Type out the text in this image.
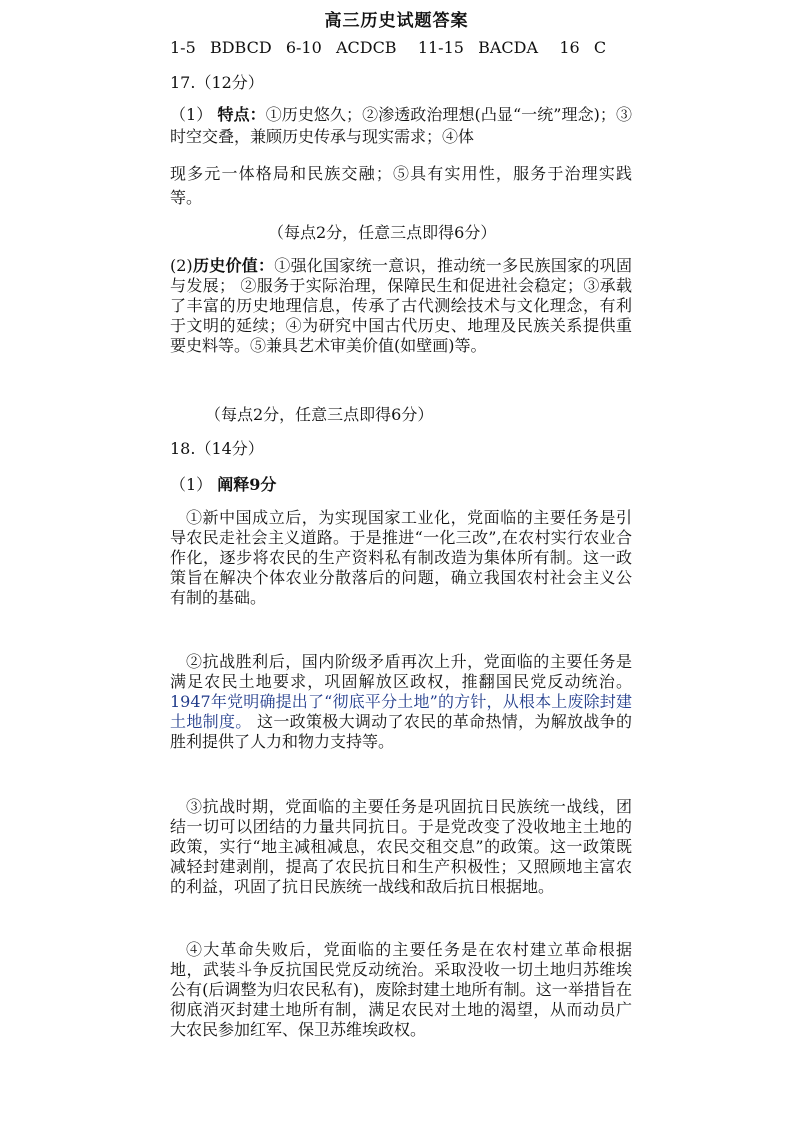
高三历史试题答案
1-5  BDBCD  6-10  ACDCB   11-15  BACDA   16  C
17.（12分）
（1） 特点：①历史悠久；②渗透政治理想(凸显“一统”理念)；③时空交叠，兼顾历史传承与现实需求；④体
现多元一体格局和民族交融；⑤具有实用性，服务于治理实践等。
（每点2分，任意三点即得6分）
(2)历史价值：①强化国家统一意识，推动统一多民族国家的巩固与发展； ②服务于实际治理，保障民生和促进社会稳定；③承载了丰富的历史地理信息，传承了古代测绘技术与文化理念，有利于文明的延续；④为研究中国古代历史、地理及民族关系提供重要史料等。⑤兼具艺术审美价值(如壁画)等。
（每点2分，任意三点即得6分）
18.（14分）
（1） 阐释9分
①新中国成立后，为实现国家工业化，党面临的主要任务是引导农民走社会主义道路。于是推进“一化三改”,在农村实行农业合作化，逐步将农民的生产资料私有制改造为集体所有制。这一政策旨在解决个体农业分散落后的问题，确立我国农村社会主义公有制的基础。
②抗战胜利后，国内阶级矛盾再次上升，党面临的主要任务是满足农民土地要求，巩固解放区政权，推翻国民党反动统治。1947年党明确提出了“彻底平分土地”的方针，从根本上废除封建土地制度。 这一政策极大调动了农民的革命热情，为解放战争的胜利提供了人力和物力支持等。
③抗战时期，党面临的主要任务是巩固抗日民族统一战线，团结一切可以团结的力量共同抗日。于是党改变了没收地主土地的政策，实行“地主减租减息，农民交租交息”的政策。这一政策既减轻封建剥削，提高了农民抗日和生产积极性；又照顾地主富农的利益，巩固了抗日民族统一战线和敌后抗日根据地。
④大革命失败后，党面临的主要任务是在农村建立革命根据地，武装斗争反抗国民党反动统治。采取没收一切土地归苏维埃公有(后调整为归农民私有)，废除封建土地所有制。这一举措旨在彻底消灭封建土地所有制，满足农民对土地的渴望，从而动员广大农民参加红军、保卫苏维埃政权。
